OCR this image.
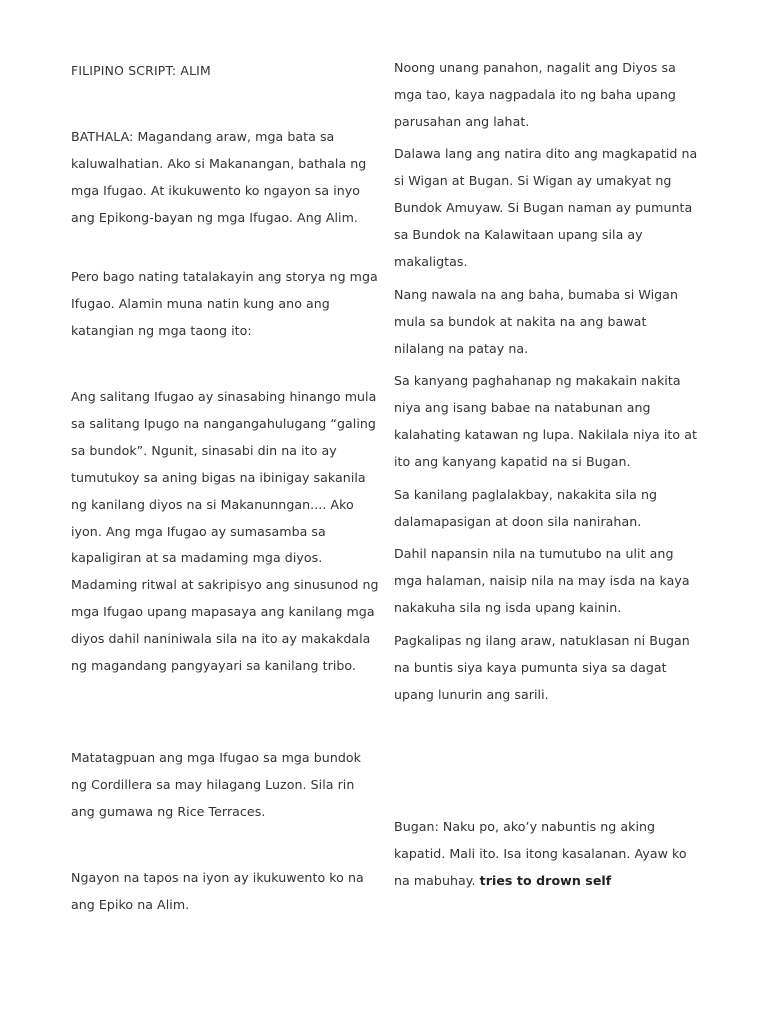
FILIPINO SCRIPT: ALIM

BATHALA: Magandang araw, mga bata sa kaluwalhatian. Ako si Makanangan, bathala ng mga Ifugao. At ikukuwento ko ngayon sa inyo ang Epikong-bayan ng mga Ifugao. Ang Alim.

Pero bago nating tatalakayin ang storya ng mga Ifugao. Alamin muna natin kung ano ang katangian ng mga taong ito:

Ang salitang Ifugao ay sinasabing hinango mula sa salitang Ipugo na nangangahulugang “galing sa bundok”. Ngunit, sinasabi din na ito ay tumutukoy sa aning bigas na ibinigay sakanila ng kanilang diyos na si Makanunngan.... Ako iyon. Ang mga Ifugao ay sumasamba sa kapaligiran at sa madaming mga diyos. Madaming ritwal at sakripisyo ang sinusunod ng mga Ifugao upang mapasaya ang kanilang mga diyos dahil naniniwala sila na ito ay makakdala ng magandang pangyayari sa kanilang tribo.

Matatagpuan ang mga Ifugao sa mga bundok ng Cordillera sa may hilagang Luzon. Sila rin ang gumawa ng Rice Terraces.

Ngayon na tapos na iyon ay ikukuwento ko na ang Epiko na Alim.

Noong unang panahon, nagalit ang Diyos sa mga tao, kaya nagpadala ito ng baha upang parusahan ang lahat.

Dalawa lang ang natira dito ang magkapatid na si Wigan at Bugan. Si Wigan ay umakyat ng Bundok Amuyaw. Si Bugan naman ay pumunta sa Bundok na Kalawitaan upang sila ay makaligtas.

Nang nawala na ang baha, bumaba si Wigan mula sa bundok at nakita na ang bawat nilalang na patay na.

Sa kanyang paghahanap ng makakain nakita niya ang isang babae na natabunan ang kalahating katawan ng lupa. Nakilala niya ito at ito ang kanyang kapatid na si Bugan.

Sa kanilang paglalakbay, nakakita sila ng dalamapasigan at doon sila nanirahan.

Dahil napansin nila na tumutubo na ulit ang mga halaman, naisip nila na may isda na kaya nakakuha sila ng isda upang kainin.

Pagkalipas ng ilang araw, natuklasan ni Bugan na buntis siya kaya pumunta siya sa dagat upang lunurin ang sarili.

Bugan: Naku po, ako’y nabuntis ng aking kapatid. Mali ito. Isa itong kasalanan. Ayaw ko na mabuhay. tries to drown self
